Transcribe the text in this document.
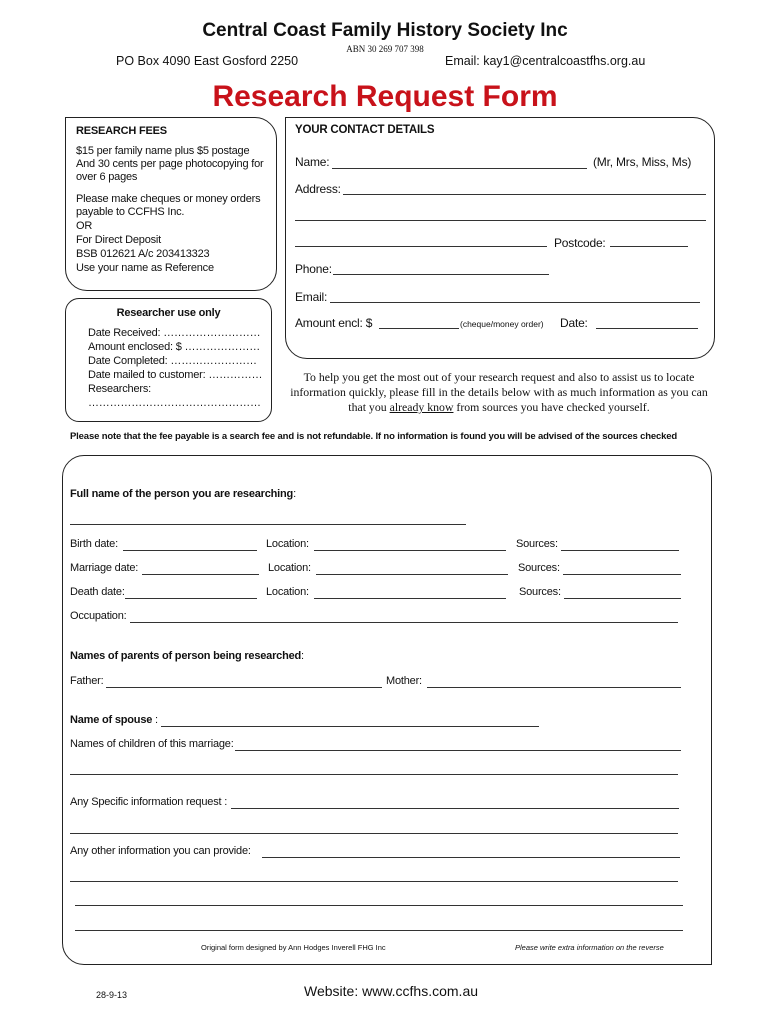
Central Coast Family History Society Inc
ABN 30 269 707 398
PO Box 4090 East Gosford 2250	Email: kay1@centralcoastfhs.org.au
Research Request Form
RESEARCH FEES
$15 per family name plus $5 postage
And 30 cents per page photocopying for
over 6 pages
Please make cheques or money orders
payable to CCFHS Inc.
OR
For Direct Deposit
BSB 012621 A/c 203413323
Use your name as Reference
Researcher use only
Date Received: ………………………
Amount enclosed: $ …………………
Date Completed: ……………………
Date mailed to customer: ……………
Researchers:
…………………………………………
YOUR CONTACT DETAILS
Name:	(Mr, Mrs, Miss, Ms)
Address:
Postcode:
Phone:
Email:
Amount encl: $	(cheque/money order) Date:
To help you get the most out of your research request and also to assist us to locate information quickly, please fill in the details below with as much information as you can that you already know from sources you have checked yourself.
Please note that the fee payable is a search fee and is not refundable. If no information is found you will be advised of the sources checked
Full name of the person you are researching:
Birth date:	Location:	Sources:
Marriage date:	Location:	Sources:
Death date:	Location:	Sources:
Occupation:
Names of parents of person being researched:
Father:	Mother:
Name of spouse :
Names of children of this marriage:
Any Specific information request :
Any other information you can provide:
Original form designed by Ann Hodges Inverell FHG Inc	Please write extra information on the reverse
28-9-13	Website: www.ccfhs.com.au
